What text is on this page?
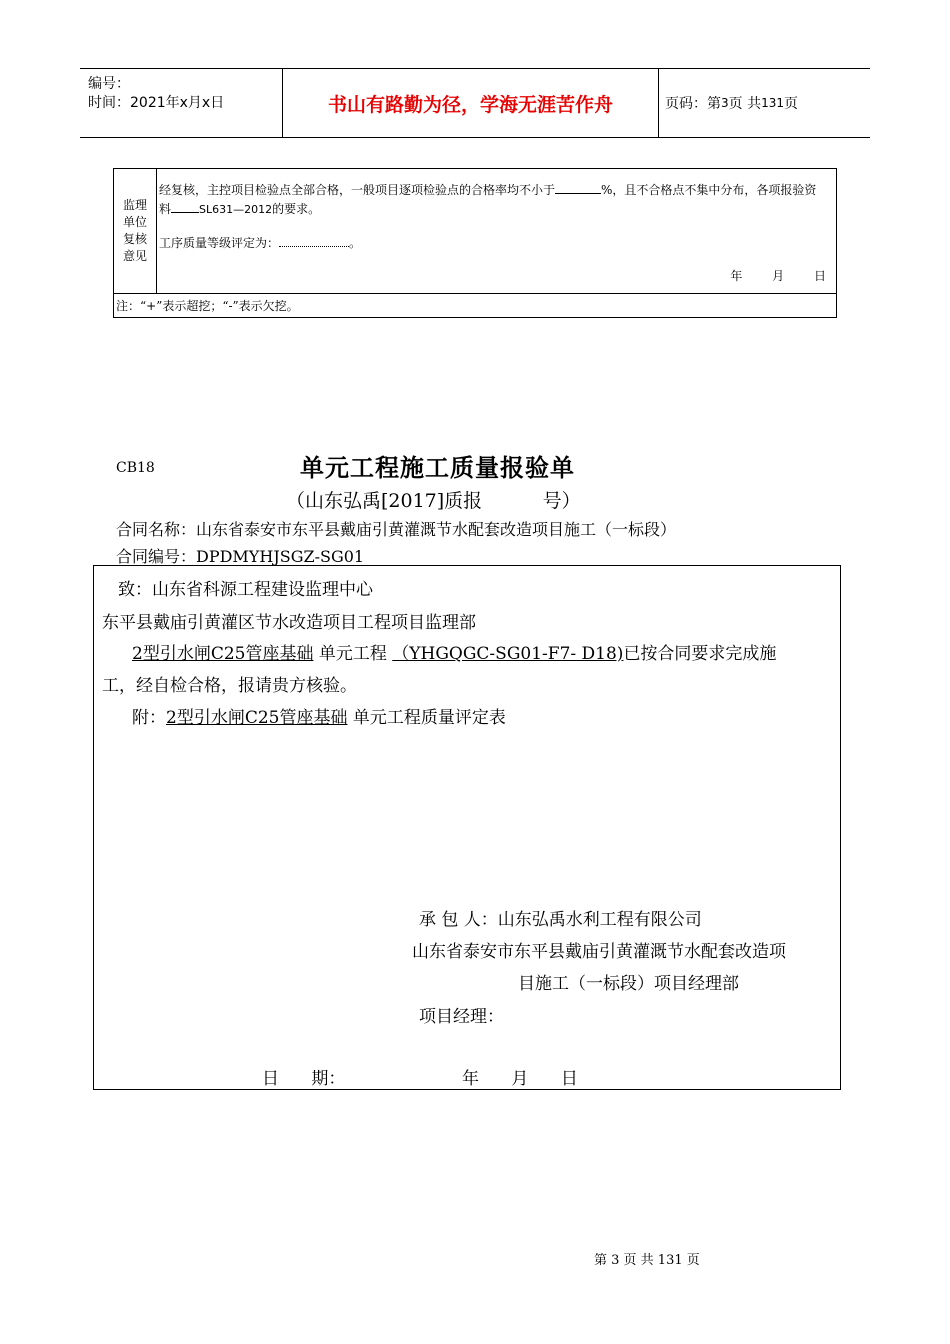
编号：
时间：2021年x月x日	书山有路勤为径，学海无涯苦作舟	页码：第 3 页 共 131 页
监理
单位
复核
意见
经复核，主控项目检验点全部合格，一般项目逐项检验点的合格率均不小于	%，且不合格点不集中分布，各项报验资料	SL631—2012的要求。
工序质量等级评定为：	。
年 月 日
注：“+”表示超挖；“-”表示欠挖。
CB18	单元工程施工质量报验单
（山东弘禹[2017]质报          号）
合同名称：山东省泰安市东平县戴庙引黄灌溉节水配套改造项目施工（一标段）
合同编号：DPDMYHJSGZ-SG01
致：山东省科源工程建设监理中心
东平县戴庙引黄灌区节水改造项目工程项目监理部
2型引水闸C25管座基础 单元工程 （YHGQGC-SG01-F7- D18)已按合同要求完成施
工，经自检合格，报请贵方核验。
附：2型引水闸C25管座基础 单元工程质量评定表
承 包 人：山东弘禹水利工程有限公司
山东省泰安市东平县戴庙引黄灌溉节水配套改造项
目施工（一标段）项目经理部
项目经理：
日      期：	年      月      日
第 3 页 共 131 页
